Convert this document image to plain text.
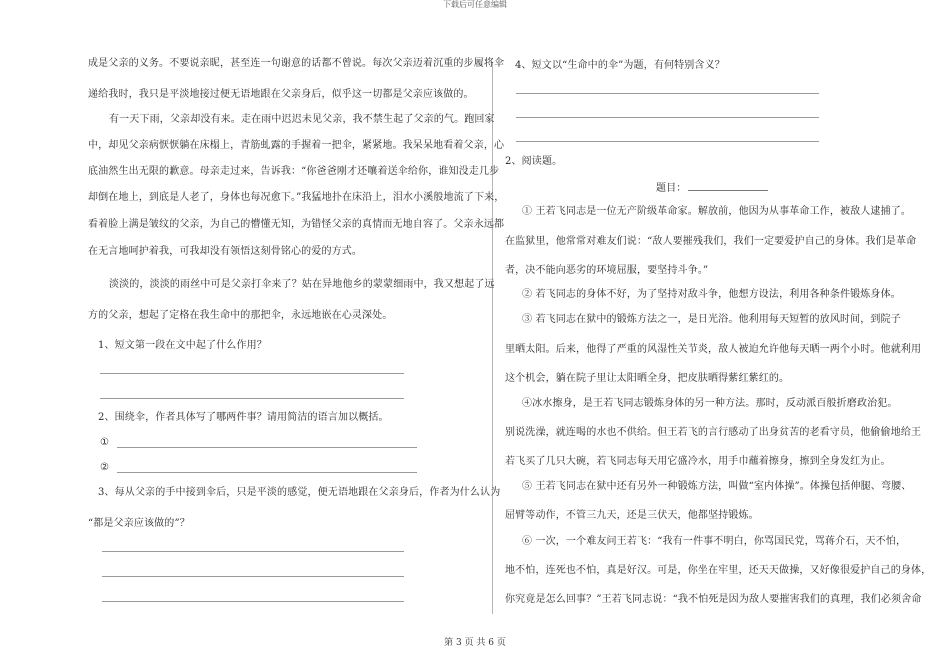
下载后可任意编辑
成是父亲的义务。不要说亲昵，甚至连一句谢意的话都不曾说。每次父亲迈着沉重的步履将伞
递给我时，我只是平淡地接过便无语地跟在父亲身后，似乎这一切都是父亲应该做的。
有一天下雨，父亲却没有来。走在雨中迟迟未见父亲，我不禁生起了父亲的气。跑回家
中，却见父亲病恹恹躺在床榻上，青筋虬露的手握着一把伞，紧紧地。我呆呆地看着父亲，心
底油然生出无限的歉意。母亲走过来，告诉我：“你爸爸刚才还嚷着送伞给你，谁知没走几步
却倒在地上，到底是人老了，身体也每况愈下。”我猛地扑在床沿上，泪水小溪般地流了下来，
看着脸上满是皱纹的父亲，为自己的懵懂无知，为错怪父亲的真情而无地自容了。父亲永远都
在无言地呵护着我，可我却没有领悟这刻骨铭心的爱的方式。
淡淡的，淡淡的雨丝中可是父亲打伞来了？姑在异地他乡的蒙蒙细雨中，我又想起了远
方的父亲，想起了定格在我生命中的那把伞，永远地嵌在心灵深处。
1、短文第一段在文中起了什么作用？
2、围绕伞，作者具体写了哪两件事？请用简洁的语言加以概括。
①
②
3、每从父亲的手中接到伞后，只是平淡的感觉，便无语地跟在父亲身后，作者为什么认为
“都是父亲应该做的”？
4、短文以“生命中的伞”为题，有何特别含义？
2、阅读题。
题目：
① 王若飞同志是一位无产阶级革命家。解放前，他因为从事革命工作，被敌人逮捕了。
在监狱里，他常常对难友们说：“敌人要摧残我们，我们一定要爱护自己的身体。我们是革命
者，决不能向恶劣的环境屈服，要坚持斗争。”
② 若飞同志的身体不好，为了坚持对敌斗争，他想方设法，利用各种条件锻炼身体。
③ 若飞同志在狱中的锻炼方法之一，是日光浴。他利用每天短暂的放风时间，到院子
里晒太阳。后来，他得了严重的风湿性关节炎，敌人被迫允许他每天晒一两个小时。他就利用
这个机会，躺在院子里让太阳晒全身，把皮肤晒得紫红紫红的。
④冰水擦身，是王若飞同志锻炼身体的另一种方法。那时，反动派百般折磨政治犯。
别说洗澡，就连喝的水也不供给。但王若飞的言行感动了出身贫苦的老看守员，他偷偷地给王
若飞买了几只大碗，若飞同志每天用它盛冷水，用手巾蘸着擦身，擦到全身发红为止。
⑤ 王若飞同志在狱中还有另外一种锻炼方法，叫做“室内体操”。体操包括伸腿、弯腰、
屈臂等动作，不管三九天，还是三伏天，他都坚持锻炼。
⑥ 一次，一个难友问王若飞：“我有一件事不明白，你骂国民党，骂蒋介石，天不怕，
地不怕，连死也不怕，真是好汉。可是，你坐在牢里，还天天做操，又好像很爱护自己的身体，
你究竟是怎么回事？”王若飞同志说：“我不怕死是因为敌人要摧害我们的真理，我们必须舍命
第 3 页 共 6 页
